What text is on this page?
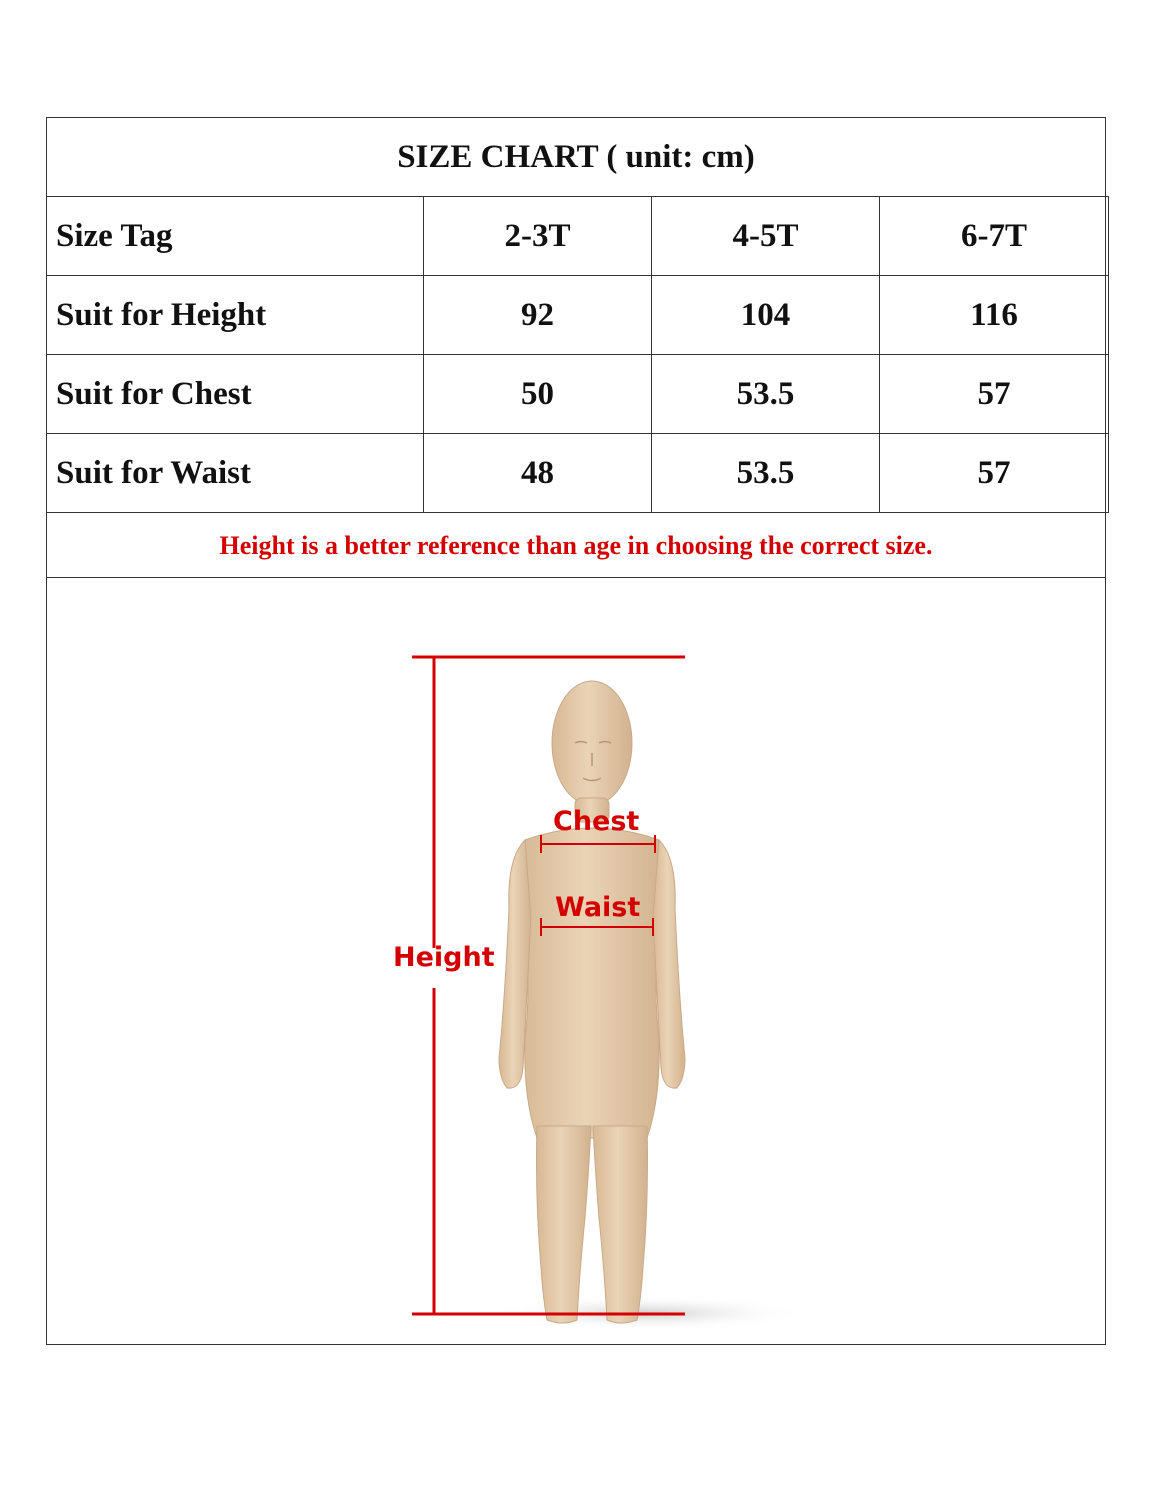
SIZE CHART ( unit: cm)
Size Tag	2-3T	4-5T	6-7T
Suit for Height	92	104	116
Suit for Chest	50	53.5	57
Suit for Waist	48	53.5	57
Height is a better reference than age in choosing the correct size.
Chest
Waist
Height
